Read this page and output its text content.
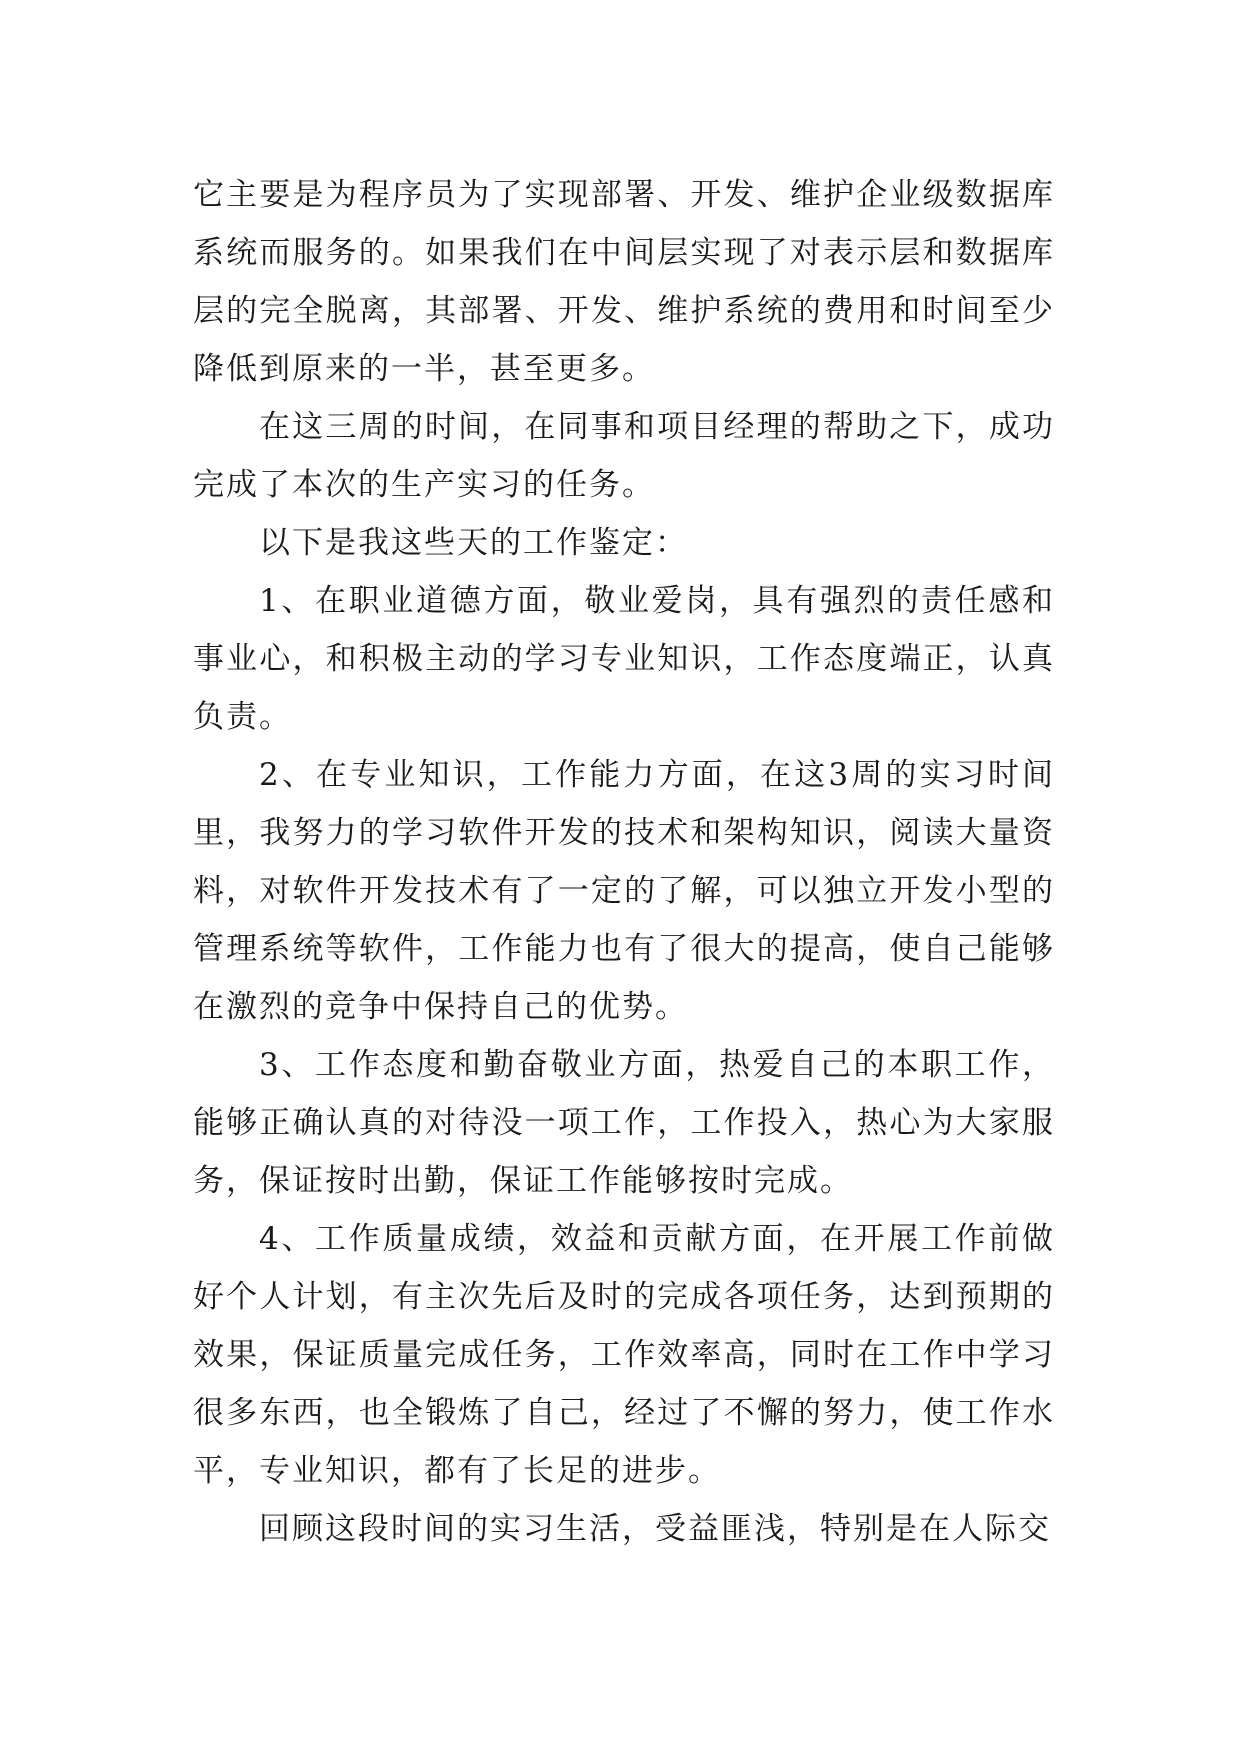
它主要是为程序员为了实现部署、开发、维护企业级数据库系统而服务的。如果我们在中间层实现了对表示层和数据库层的完全脱离，其部署、开发、维护系统的费用和时间至少降低到原来的一半，甚至更多。

在这三周的时间，在同事和项目经理的帮助之下，成功完成了本次的生产实习的任务。

以下是我这些天的工作鉴定：

1、在职业道德方面，敬业爱岗，具有强烈的责任感和事业心，和积极主动的学习专业知识，工作态度端正，认真负责。

2、在专业知识，工作能力方面，在这3周的实习时间里，我努力的学习软件开发的技术和架构知识，阅读大量资料，对软件开发技术有了一定的了解，可以独立开发小型的管理系统等软件，工作能力也有了很大的提高，使自己能够在激烈的竞争中保持自己的优势。

3、工作态度和勤奋敬业方面，热爱自己的本职工作，能够正确认真的对待没一项工作，工作投入，热心为大家服务，保证按时出勤，保证工作能够按时完成。

4、工作质量成绩，效益和贡献方面，在开展工作前做好个人计划，有主次先后及时的完成各项任务，达到预期的效果，保证质量完成任务，工作效率高，同时在工作中学习很多东西，也全锻炼了自己，经过了不懈的努力，使工作水平，专业知识，都有了长足的进步。

回顾这段时间的实习生活，受益匪浅，特别是在人际交
